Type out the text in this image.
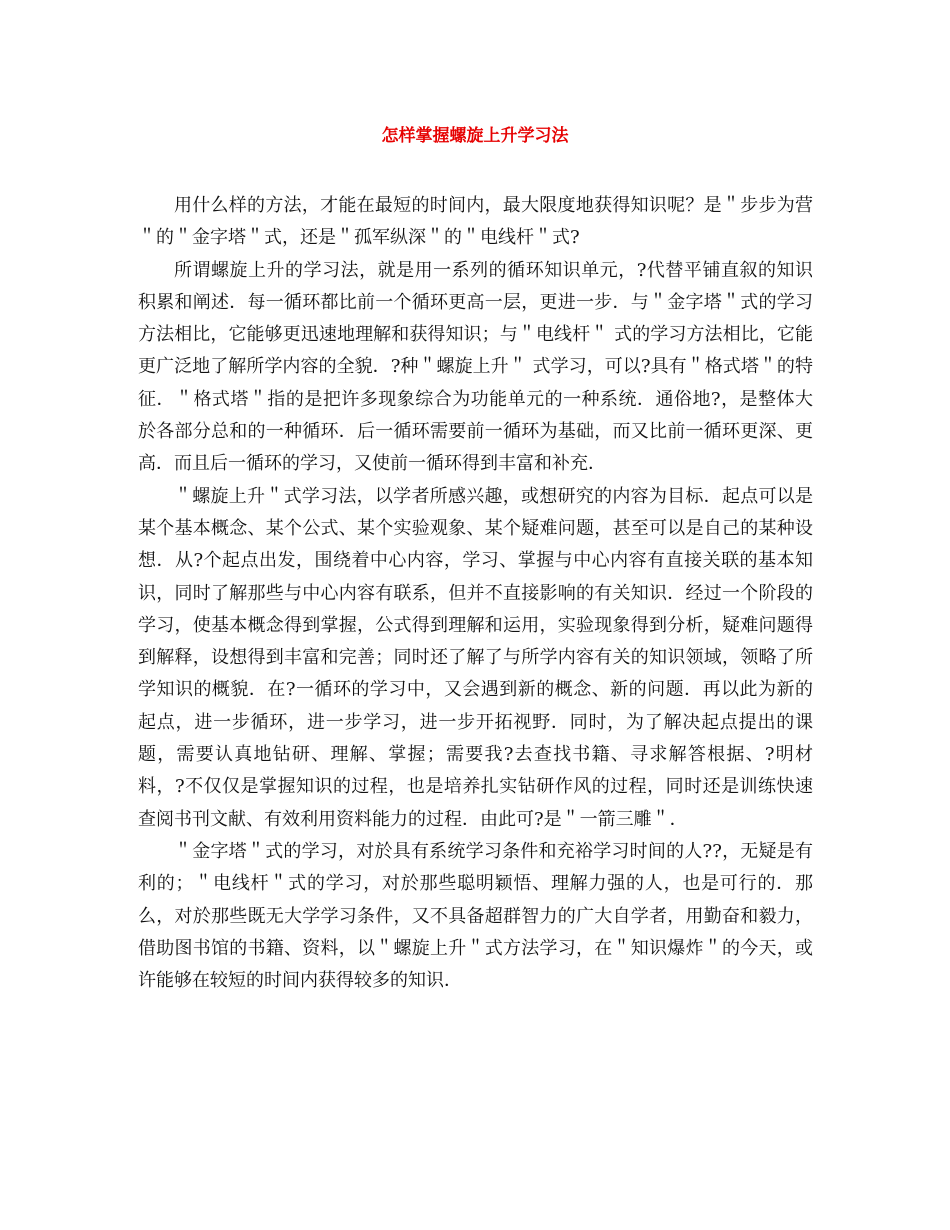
怎样掌握螺旋上升学习法

用什么样的方法，才能在最短的时间内，最大限度地获得知识呢？是＂步步为营＂的＂金字塔＂式，还是＂孤军纵深＂的＂电线杆＂式?

所谓螺旋上升的学习法，就是用一系列的循环知识单元，?代替平铺直叙的知识积累和阐述．每一循环都比前一个循环更高一层，更进一步．与＂金字塔＂式的学习方法相比，它能够更迅速地理解和获得知识；与＂电线杆＂ 式的学习方法相比，它能更广泛地了解所学内容的全貌．?种＂螺旋上升＂ 式学习，可以?具有＂格式塔＂的特征．＂格式塔＂指的是把许多现象综合为功能单元的一种系统．通俗地?，是整体大於各部分总和的一种循环．后一循环需要前一循环为基础，而又比前一循环更深、更高．而且后一循环的学习，又使前一循环得到丰富和补充．

＂螺旋上升＂式学习法，以学者所感兴趣，或想研究的内容为目标．起点可以是某个基本概念、某个公式、某个实验观象、某个疑难问题，甚至可以是自己的某种设想．从?个起点出发，围绕着中心内容，学习、掌握与中心内容有直接关联的基本知识，同时了解那些与中心内容有联系，但并不直接影响的有关知识．经过一个阶段的学习，使基本概念得到掌握，公式得到理解和运用，实验现象得到分析，疑难问题得到解释，设想得到丰富和完善；同时还了解了与所学内容有关的知识领域，领略了所学知识的概貌．在?一循环的学习中，又会遇到新的概念、新的问题．再以此为新的起点，进一步循环，进一步学习，进一步开拓视野．同时，为了解决起点提出的课题，需要认真地钻研、理解、掌握；需要我?去查找书籍、寻求解答根据、?明材料，?不仅仅是掌握知识的过程，也是培养扎实钻研作风的过程，同时还是训练快速查阅书刊文献、有效利用资料能力的过程．由此可?是＂一箭三雕＂．

＂金字塔＂式的学习，对於具有系统学习条件和充裕学习时间的人??，无疑是有利的；＂电线杆＂式的学习，对於那些聪明颖悟、理解力强的人，也是可行的．那么，对於那些既无大学学习条件，又不具备超群智力的广大自学者，用勤奋和毅力，借助图书馆的书籍、资料，以＂螺旋上升＂式方法学习，在＂知识爆炸＂的今天，或许能够在较短的时间内获得较多的知识．
